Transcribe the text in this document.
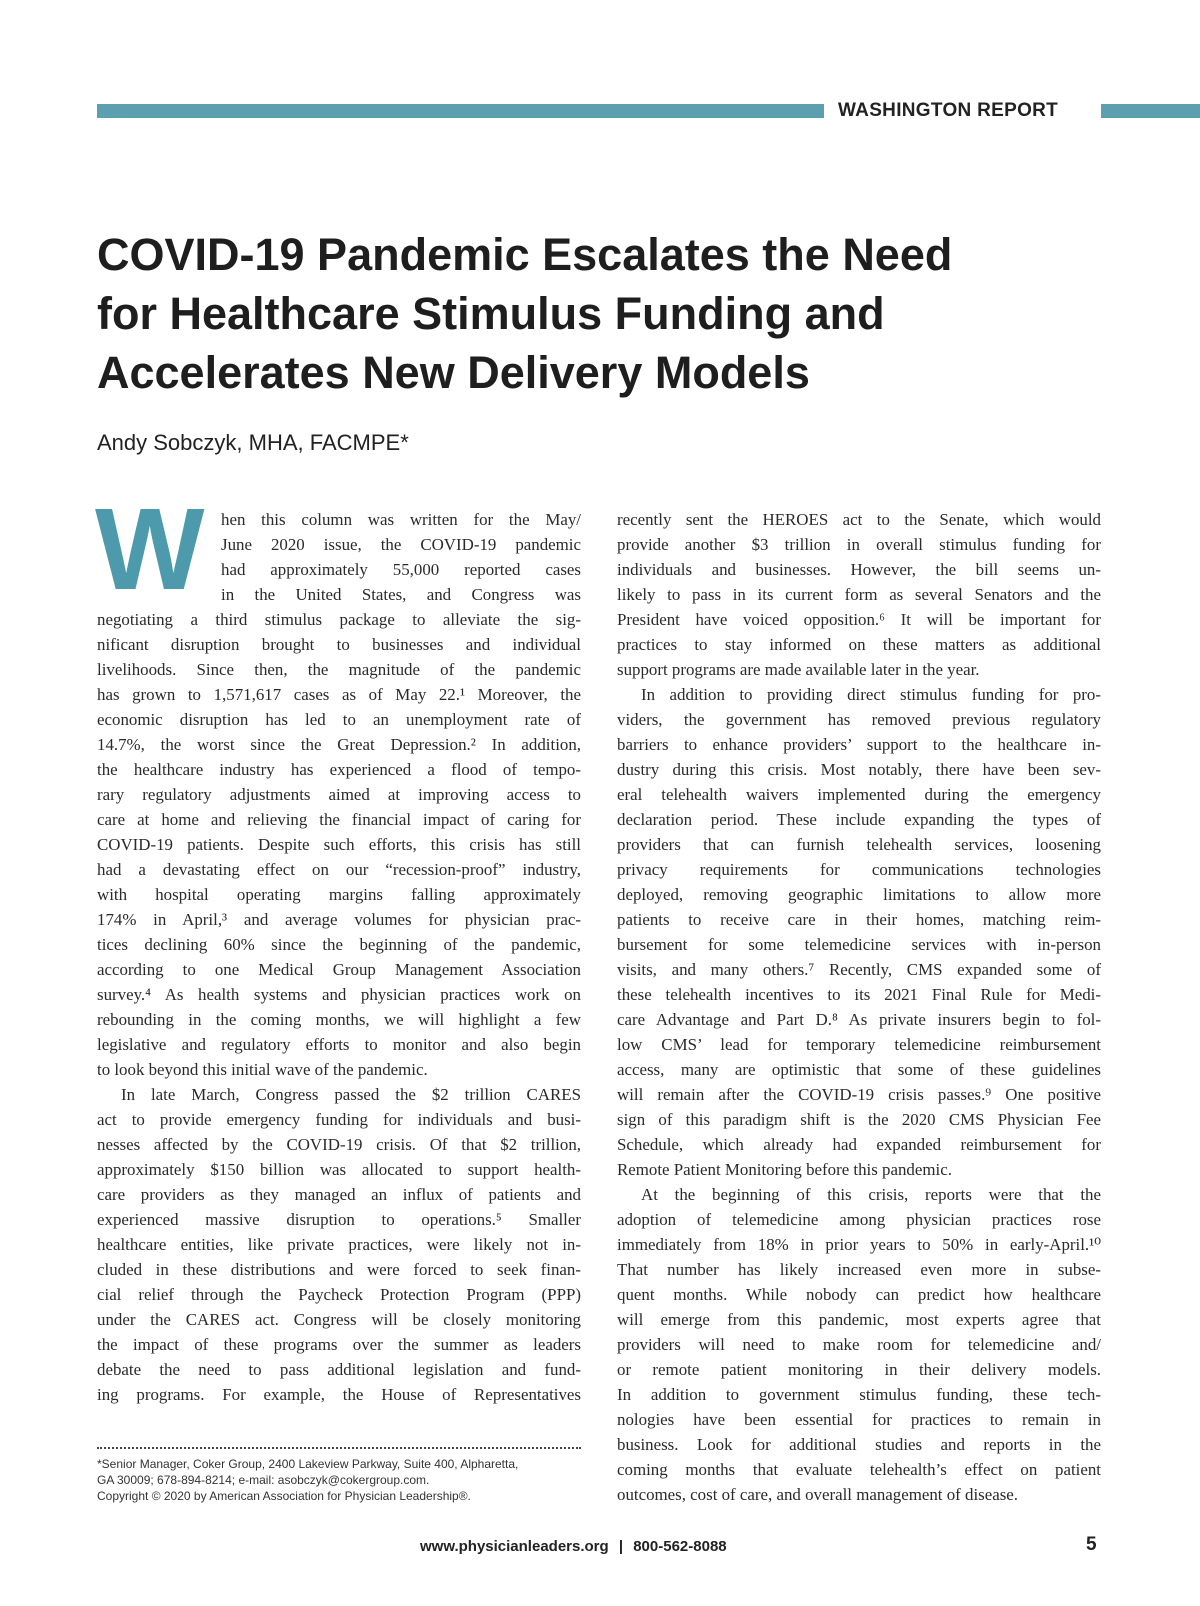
WASHINGTON REPORT
COVID-19 Pandemic Escalates the Need
for Healthcare Stimulus Funding and
Accelerates New Delivery Models

Andy Sobczyk, MHA, FACMPE*

W hen this column was written for the May/
June 2020 issue, the COVID-19 pandemic
had approximately 55,000 reported cases
in the United States, and Congress was
negotiating a third stimulus package to alleviate the sig-
nificant disruption brought to businesses and individual
livelihoods. Since then, the magnitude of the pandemic
has grown to 1,571,617 cases as of May 22.¹ Moreover, the
economic disruption has led to an unemployment rate of
14.7%, the worst since the Great Depression.² In addition,
the healthcare industry has experienced a flood of tempo-
rary regulatory adjustments aimed at improving access to
care at home and relieving the financial impact of caring for
COVID-19 patients. Despite such efforts, this crisis has still
had a devastating effect on our “recession-proof” industry,
with hospital operating margins falling approximately
174% in April,³ and average volumes for physician prac-
tices declining 60% since the beginning of the pandemic,
according to one Medical Group Management Association
survey.⁴ As health systems and physician practices work on
rebounding in the coming months, we will highlight a few
legislative and regulatory efforts to monitor and also begin
to look beyond this initial wave of the pandemic.
In late March, Congress passed the $2 trillion CARES
act to provide emergency funding for individuals and busi-
nesses affected by the COVID-19 crisis. Of that $2 trillion,
approximately $150 billion was allocated to support health-
care providers as they managed an influx of patients and
experienced massive disruption to operations.⁵ Smaller
healthcare entities, like private practices, were likely not in-
cluded in these distributions and were forced to seek finan-
cial relief through the Paycheck Protection Program (PPP)
under the CARES act. Congress will be closely monitoring
the impact of these programs over the summer as leaders
debate the need to pass additional legislation and fund-
ing programs. For example, the House of Representatives
recently sent the HEROES act to the Senate, which would
provide another $3 trillion in overall stimulus funding for
individuals and businesses. However, the bill seems un-
likely to pass in its current form as several Senators and the
President have voiced opposition.⁶ It will be important for
practices to stay informed on these matters as additional
support programs are made available later in the year.
In addition to providing direct stimulus funding for pro-
viders, the government has removed previous regulatory
barriers to enhance providers’ support to the healthcare in-
dustry during this crisis. Most notably, there have been sev-
eral telehealth waivers implemented during the emergency
declaration period. These include expanding the types of
providers that can furnish telehealth services, loosening
privacy requirements for communications technologies
deployed, removing geographic limitations to allow more
patients to receive care in their homes, matching reim-
bursement for some telemedicine services with in-person
visits, and many others.⁷ Recently, CMS expanded some of
these telehealth incentives to its 2021 Final Rule for Medi-
care Advantage and Part D.⁸ As private insurers begin to fol-
low CMS’ lead for temporary telemedicine reimbursement
access, many are optimistic that some of these guidelines
will remain after the COVID-19 crisis passes.⁹ One positive
sign of this paradigm shift is the 2020 CMS Physician Fee
Schedule, which already had expanded reimbursement for
Remote Patient Monitoring before this pandemic.
At the beginning of this crisis, reports were that the
adoption of telemedicine among physician practices rose
immediately from 18% in prior years to 50% in early-April.¹⁰
That number has likely increased even more in subse-
quent months. While nobody can predict how healthcare
will emerge from this pandemic, most experts agree that
providers will need to make room for telemedicine and/
or remote patient monitoring in their delivery models.
In addition to government stimulus funding, these tech-
nologies have been essential for practices to remain in
business. Look for additional studies and reports in the
coming months that evaluate telehealth’s effect on patient
outcomes, cost of care, and overall management of disease.
*Senior Manager, Coker Group, 2400 Lakeview Parkway, Suite 400, Alpharetta,
GA 30009; 678-894-8214; e-mail: asobczyk@cokergroup.com.
Copyright © 2020 by American Association for Physician Leadership®.
www.physicianleaders.org | 800-562-8088	5
